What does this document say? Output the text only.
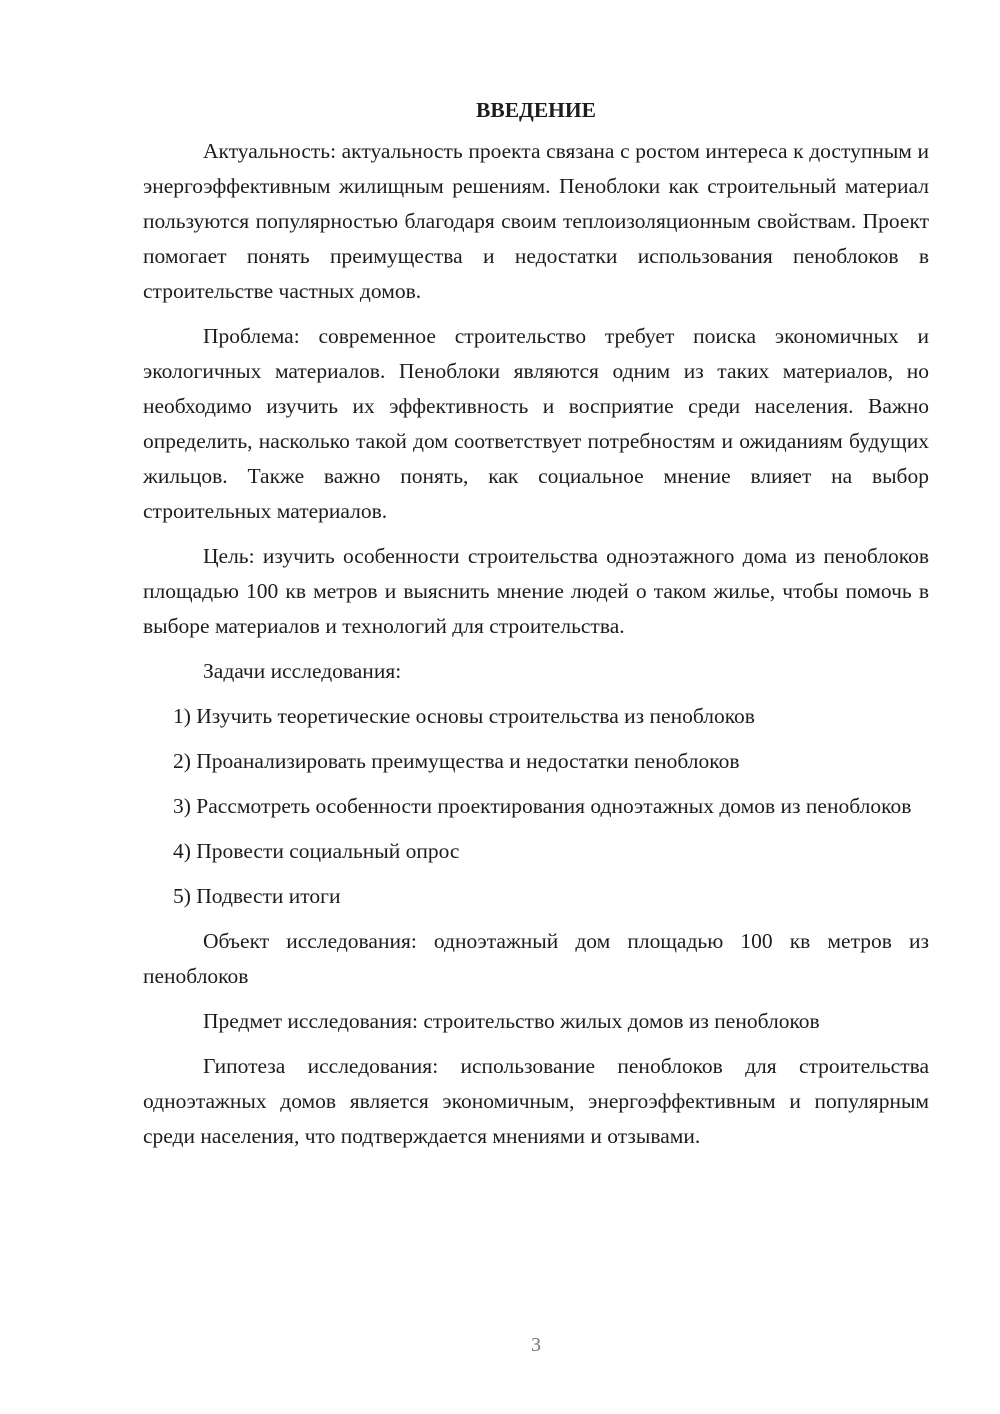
ВВЕДЕНИЕ

Актуальность: актуальность проекта связана с ростом интереса к доступным и энергоэффективным жилищным решениям. Пеноблоки как строительный материал пользуются популярностью благодаря своим теплоизоляционным свойствам. Проект помогает понять преимущества и недостатки использования пеноблоков в строительстве частных домов.

Проблема: современное строительство требует поиска экономичных и экологичных материалов. Пеноблоки являются одним из таких материалов, но необходимо изучить их эффективность и восприятие среди населения. Важно определить, насколько такой дом соответствует потребностям и ожиданиям будущих жильцов. Также важно понять, как социальное мнение влияет на выбор строительных материалов.

Цель: изучить особенности строительства одноэтажного дома из пеноблоков площадью 100 кв метров и выяснить мнение людей о таком жилье, чтобы помочь в выборе материалов и технологий для строительства.

Задачи исследования:

1) Изучить теоретические основы строительства из пеноблоков

2) Проанализировать преимущества и недостатки пеноблоков

3) Рассмотреть особенности проектирования одноэтажных домов из пеноблоков

4) Провести социальный опрос

5) Подвести итоги

Объект исследования: одноэтажный дом площадью 100 кв метров из пеноблоков

Предмет исследования: строительство жилых домов из пеноблоков

Гипотеза исследования: использование пеноблоков для строительства одноэтажных домов является экономичным, энергоэффективным и популярным среди населения, что подтверждается мнениями и отзывами.

3
